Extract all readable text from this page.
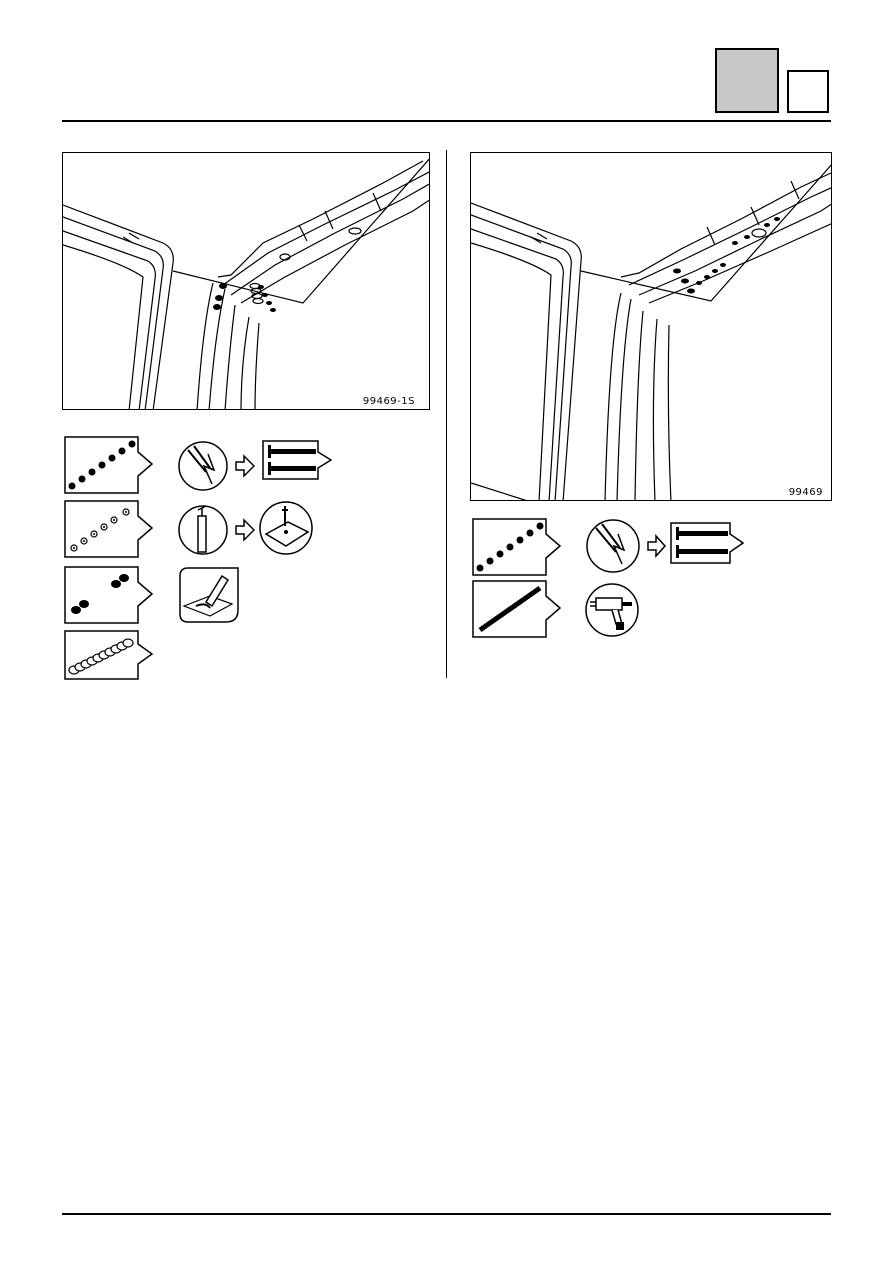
99469-1S
99469
